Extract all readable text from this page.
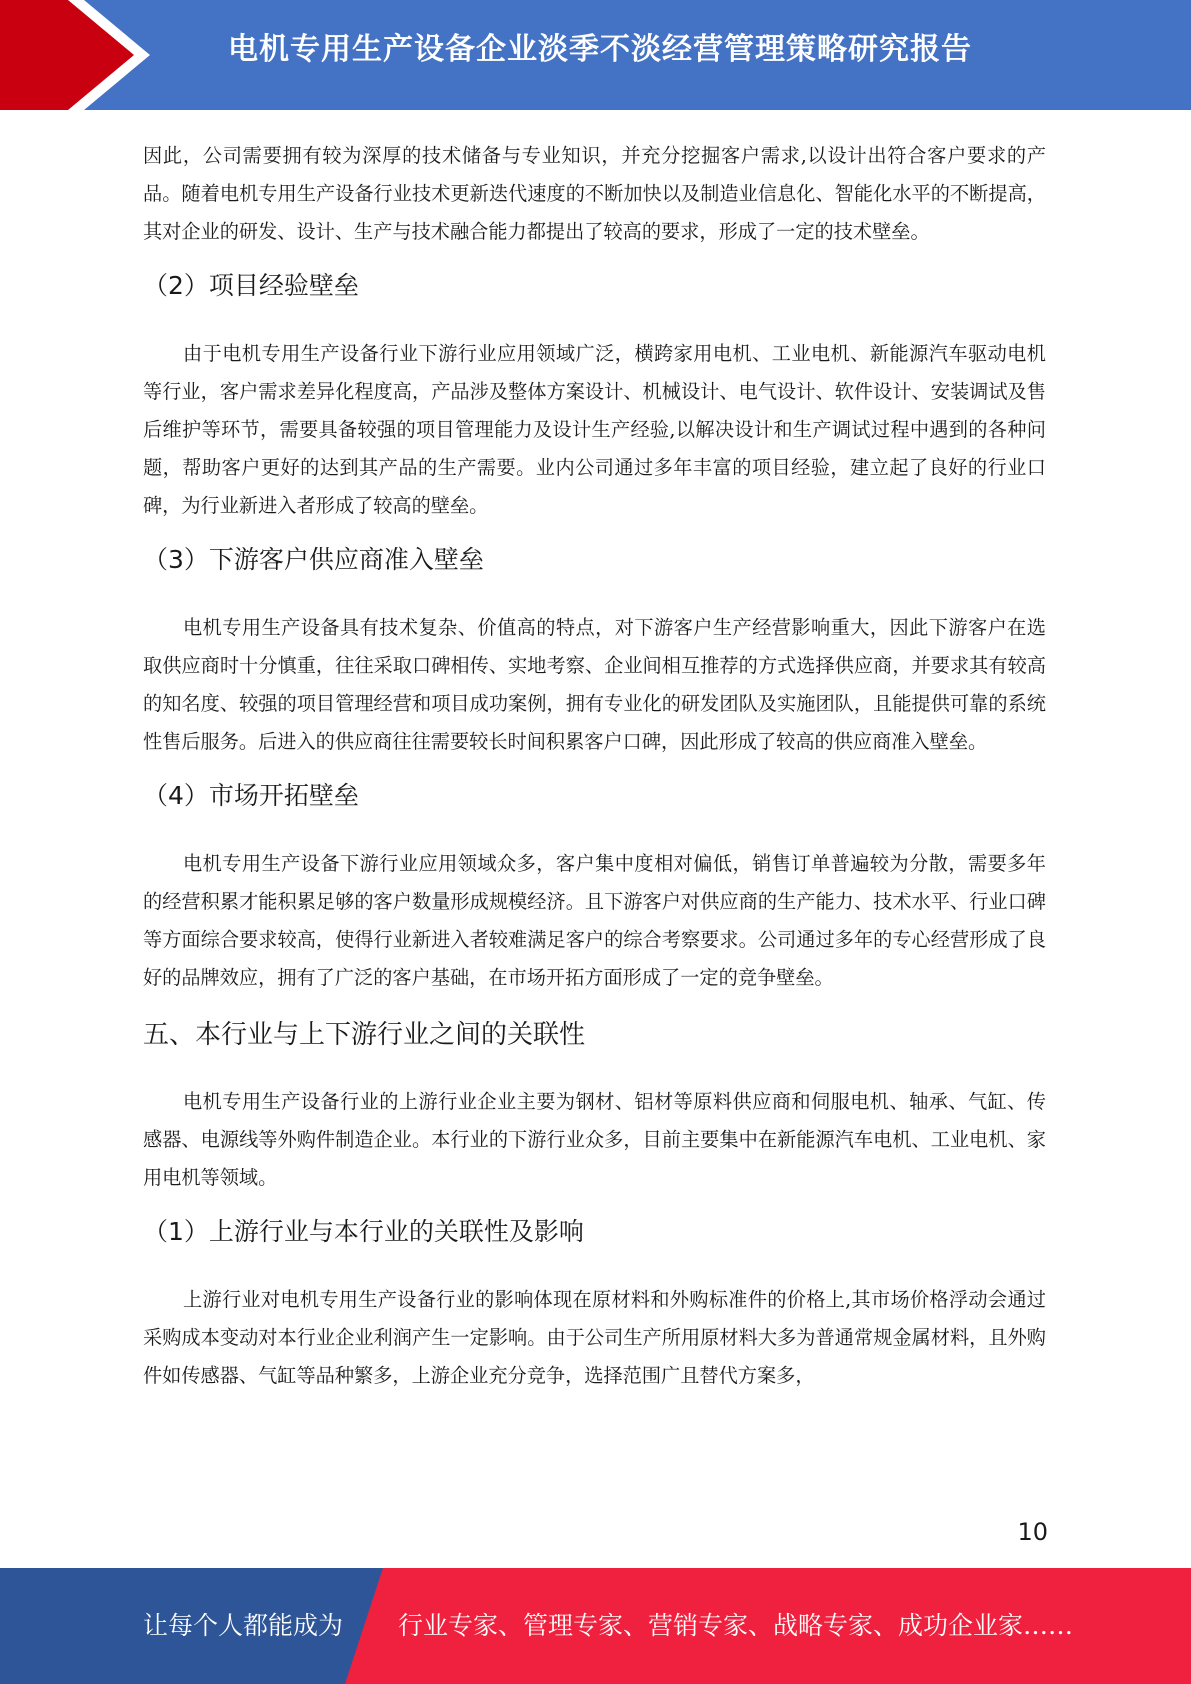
电机专用生产设备企业淡季不淡经营管理策略研究报告

因此，公司需要拥有较为深厚的技术储备与专业知识，并充分挖掘客户需求,以设计出符合客户要求的产品。随着电机专用生产设备行业技术更新迭代速度的不断加快以及制造业信息化、智能化水平的不断提高，其对企业的研发、设计、生产与技术融合能力都提出了较高的要求，形成了一定的技术壁垒。

（2）项目经验壁垒

由于电机专用生产设备行业下游行业应用领域广泛，横跨家用电机、工业电机、新能源汽车驱动电机等行业，客户需求差异化程度高，产品涉及整体方案设计、机械设计、电气设计、软件设计、安装调试及售后维护等环节，需要具备较强的项目管理能力及设计生产经验,以解决设计和生产调试过程中遇到的各种问题，帮助客户更好的达到其产品的生产需要。业内公司通过多年丰富的项目经验，建立起了良好的行业口碑，为行业新进入者形成了较高的壁垒。

（3）下游客户供应商准入壁垒

电机专用生产设备具有技术复杂、价值高的特点，对下游客户生产经营影响重大，因此下游客户在选取供应商时十分慎重，往往采取口碑相传、实地考察、企业间相互推荐的方式选择供应商，并要求其有较高的知名度、较强的项目管理经营和项目成功案例，拥有专业化的研发团队及实施团队，且能提供可靠的系统性售后服务。后进入的供应商往往需要较长时间积累客户口碑，因此形成了较高的供应商准入壁垒。

（4）市场开拓壁垒

电机专用生产设备下游行业应用领域众多，客户集中度相对偏低，销售订单普遍较为分散，需要多年的经营积累才能积累足够的客户数量形成规模经济。且下游客户对供应商的生产能力、技术水平、行业口碑等方面综合要求较高，使得行业新进入者较难满足客户的综合考察要求。公司通过多年的专心经营形成了良好的品牌效应，拥有了广泛的客户基础，在市场开拓方面形成了一定的竞争壁垒。

五、本行业与上下游行业之间的关联性

电机专用生产设备行业的上游行业企业主要为钢材、铝材等原料供应商和伺服电机、轴承、气缸、传感器、电源线等外购件制造企业。本行业的下游行业众多，目前主要集中在新能源汽车电机、工业电机、家用电机等领域。

（1）上游行业与本行业的关联性及影响

上游行业对电机专用生产设备行业的影响体现在原材料和外购标准件的价格上,其市场价格浮动会通过采购成本变动对本行业企业利润产生一定影响。由于公司生产所用原材料大多为普通常规金属材料，且外购件如传感器、气缸等品种繁多，上游企业充分竞争，选择范围广且替代方案多，

10
让每个人都能成为 行业专家、管理专家、营销专家、战略专家、成功企业家……
